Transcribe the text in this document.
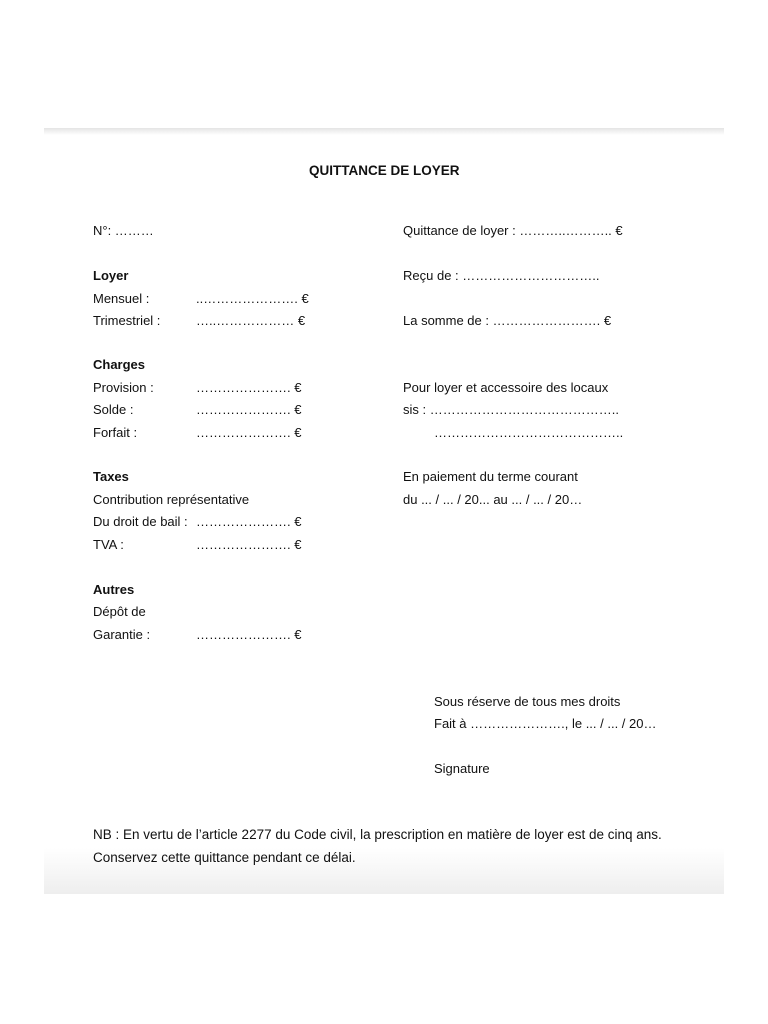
QUITTANCE DE LOYER
N°: ………
Loyer
Mensuel :	..…………………. €
Trimestriel :	…..……………… €
Charges
Provision :	…………………. €
Solde :	…………………. €
Forfait :	…………………. €
Taxes
Contribution représentative
Du droit de bail : …………………. €
TVA :	…………………. €
Autres
Dépôt de
Garantie :	…………………. €
Quittance de loyer : ………..……….. €
Reçu de : …………………………..
La somme de : ……………………. €
Pour loyer et accessoire des locaux
sis : ……………………………………..
……………………………………..
En paiement du terme courant
du ... / ... / 20... au ... / ... / 20…
Sous réserve de tous mes droits
Fait à …………………., le ... / ... / 20…
Signature
NB : En vertu de l’article 2277 du Code civil, la prescription en matière de loyer est de cinq ans.
Conservez cette quittance pendant ce délai.
